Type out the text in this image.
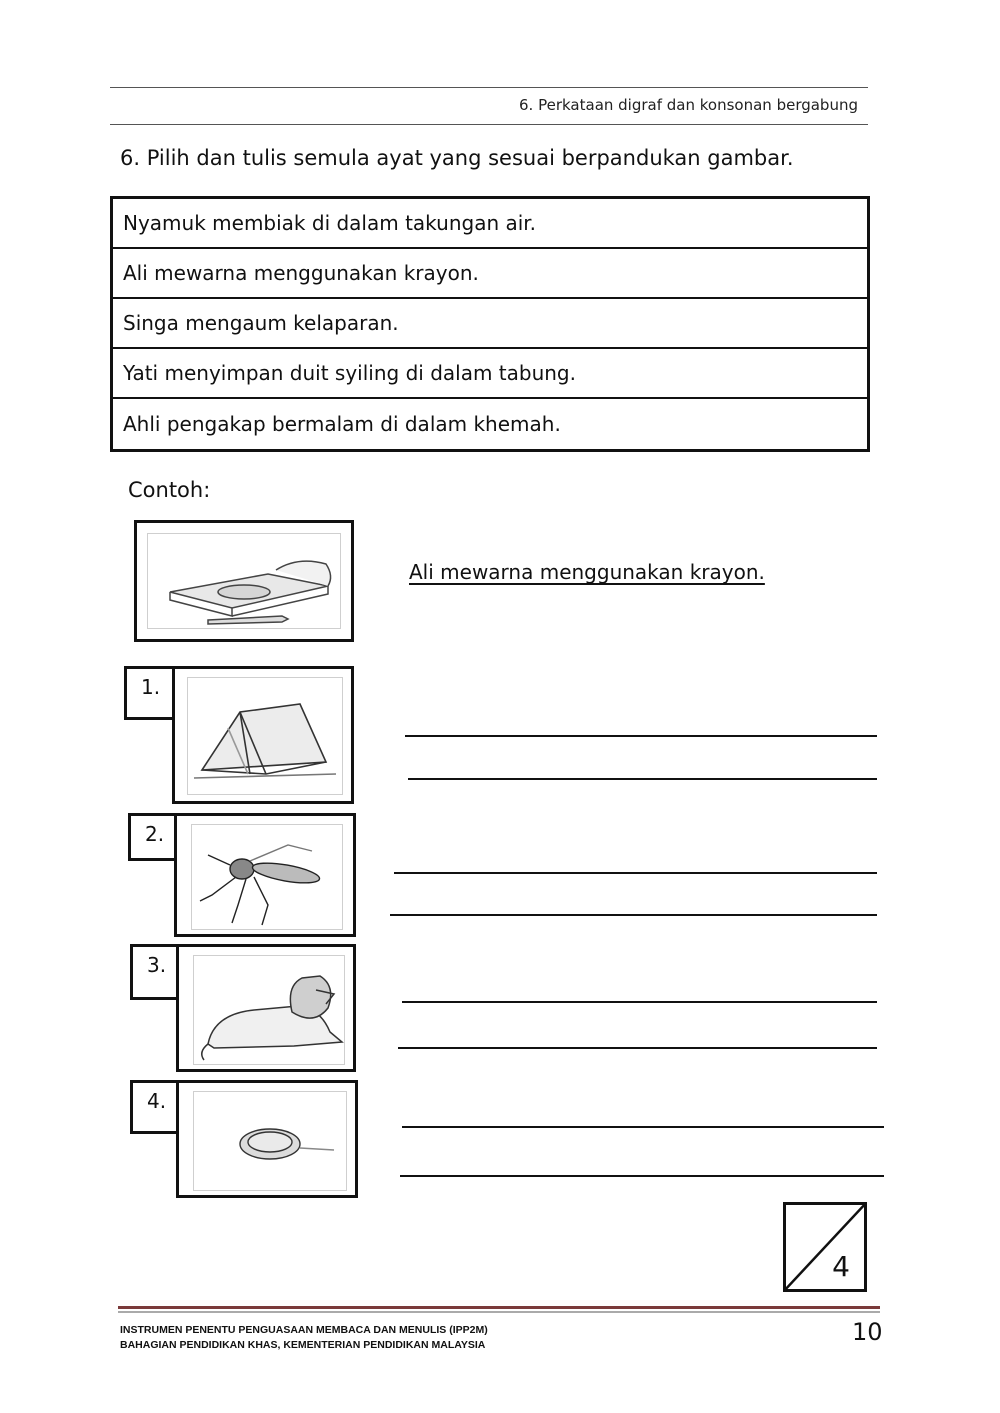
6. Perkataan digraf dan konsonan bergabung
6. Pilih dan tulis semula ayat yang sesuai berpandukan gambar.
Nyamuk membiak di dalam takungan air.
Ali mewarna menggunakan krayon.
Singa mengaum kelaparan.
Yati menyimpan duit syiling di dalam tabung.
Ahli pengakap bermalam di dalam khemah.
Contoh:
Ali mewarna menggunakan krayon.
1.
2.
3.
4.
4
INSTRUMEN PENENTU PENGUASAAN MEMBACA DAN MENULIS (IPP2M)
BAHAGIAN PENDIDIKAN KHAS, KEMENTERIAN PENDIDIKAN MALAYSIA	10
